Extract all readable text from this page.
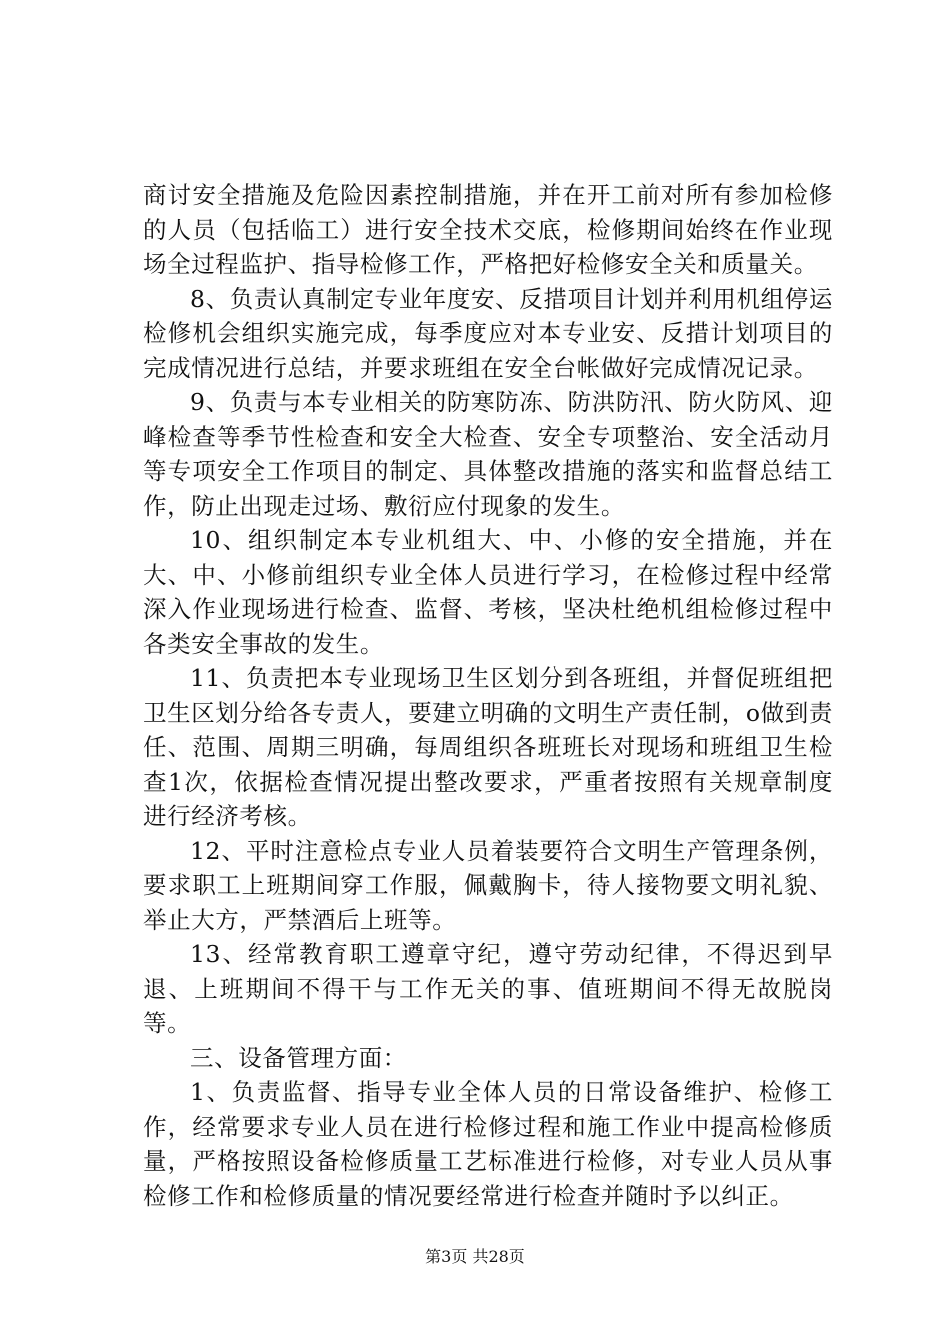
商讨安全措施及危险因素控制措施，并在开工前对所有参加检修的人员（包括临工）进行安全技术交底，检修期间始终在作业现场全过程监护、指导检修工作，严格把好检修安全关和质量关。

8、负责认真制定专业年度安、反措项目计划并利用机组停运检修机会组织实施完成，每季度应对本专业安、反措计划项目的完成情况进行总结，并要求班组在安全台帐做好完成情况记录。

9、负责与本专业相关的防寒防冻、防洪防汛、防火防风、迎峰检查等季节性检查和安全大检查、安全专项整治、安全活动月等专项安全工作项目的制定、具体整改措施的落实和监督总结工作，防止出现走过场、敷衍应付现象的发生。

10、组织制定本专业机组大、中、小修的安全措施，并在大、中、小修前组织专业全体人员进行学习，在检修过程中经常深入作业现场进行检查、监督、考核，坚决杜绝机组检修过程中各类安全事故的发生。

11、负责把本专业现场卫生区划分到各班组，并督促班组把卫生区划分给各专责人，要建立明确的文明生产责任制，o做到责任、范围、周期三明确，每周组织各班班长对现场和班组卫生检查1次，依据检查情况提出整改要求，严重者按照有关规章制度进行经济考核。

12、平时注意检点专业人员着装要符合文明生产管理条例，要求职工上班期间穿工作服，佩戴胸卡，待人接物要文明礼貌、举止大方，严禁酒后上班等。

13、经常教育职工遵章守纪，遵守劳动纪律，不得迟到早退、上班期间不得干与工作无关的事、值班期间不得无故脱岗等。

三、设备管理方面：

1、负责监督、指导专业全体人员的日常设备维护、检修工作，经常要求专业人员在进行检修过程和施工作业中提高检修质量，严格按照设备检修质量工艺标准进行检修，对专业人员从事检修工作和检修质量的情况要经常进行检查并随时予以纠正。

第3页 共28页
